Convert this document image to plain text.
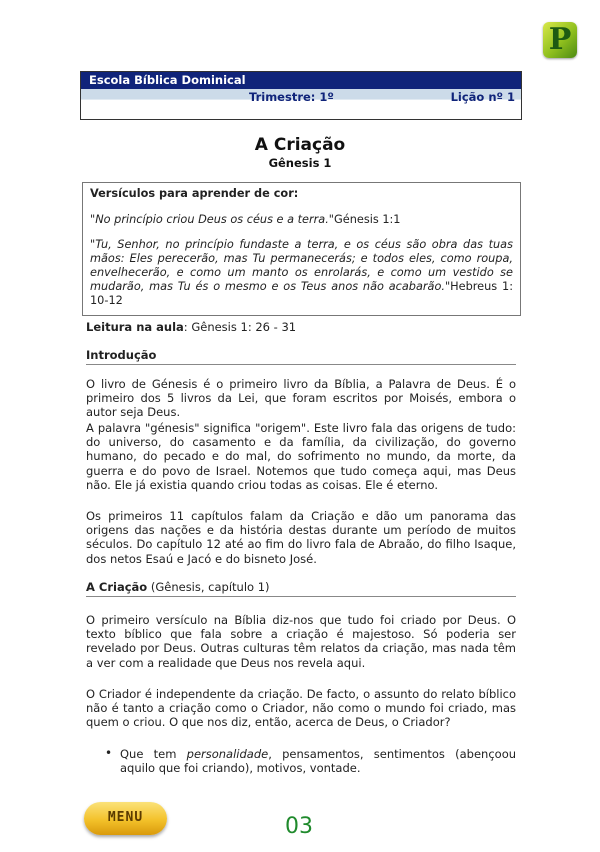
P
Escola Bíblica Dominical
Trimestre: 1º	Lição nº 1
A Criação
Gênesis 1
Versículos para aprender de cor:

"No princípio criou Deus os céus e a terra."Génesis 1:1

"Tu, Senhor, no princípio fundaste a terra, e os céus são obra das tuas mãos: Eles perecerão, mas Tu permanecerás; e todos eles, como roupa, envelhecerão, e como um manto os enrolarás, e como um vestido se mudarão, mas Tu és o mesmo e os Teus anos não acabarão."Hebreus 1: 10-12

Leitura na aula: Gênesis 1: 26 - 31
Introdução
O livro de Génesis é o primeiro livro da Bíblia, a Palavra de Deus. É o primeiro dos 5 livros da Lei, que foram escritos por Moisés, embora o autor seja Deus.
A palavra "génesis" significa "origem". Este livro fala das origens de tudo: do universo, do casamento e da família, da civilização, do governo humano, do pecado e do mal, do sofrimento no mundo, da morte, da guerra e do povo de Israel. Notemos que tudo começa aqui, mas Deus não. Ele já existia quando criou todas as coisas. Ele é eterno.
Os primeiros 11 capítulos falam da Criação e dão um panorama das origens das nações e da história destas durante um período de muitos séculos. Do capítulo 12 até ao fim do livro fala de Abraão, do filho Isaque, dos netos Esaú e Jacó e do bisneto José.
A Criação (Gênesis, capítulo 1)
O primeiro versículo na Bíblia diz-nos que tudo foi criado por Deus. O texto bíblico que fala sobre a criação é majestoso. Só poderia ser revelado por Deus. Outras culturas têm relatos da criação, mas nada têm a ver com a realidade que Deus nos revela aqui.
O Criador é independente da criação. De facto, o assunto do relato bíblico não é tanto a criação como o Criador, não como o mundo foi criado, mas quem o criou. O que nos diz, então, acerca de Deus, o Criador?
• Que tem personalidade, pensamentos, sentimentos (abençoou aquilo que foi criando), motivos, vontade.
MENU	03
